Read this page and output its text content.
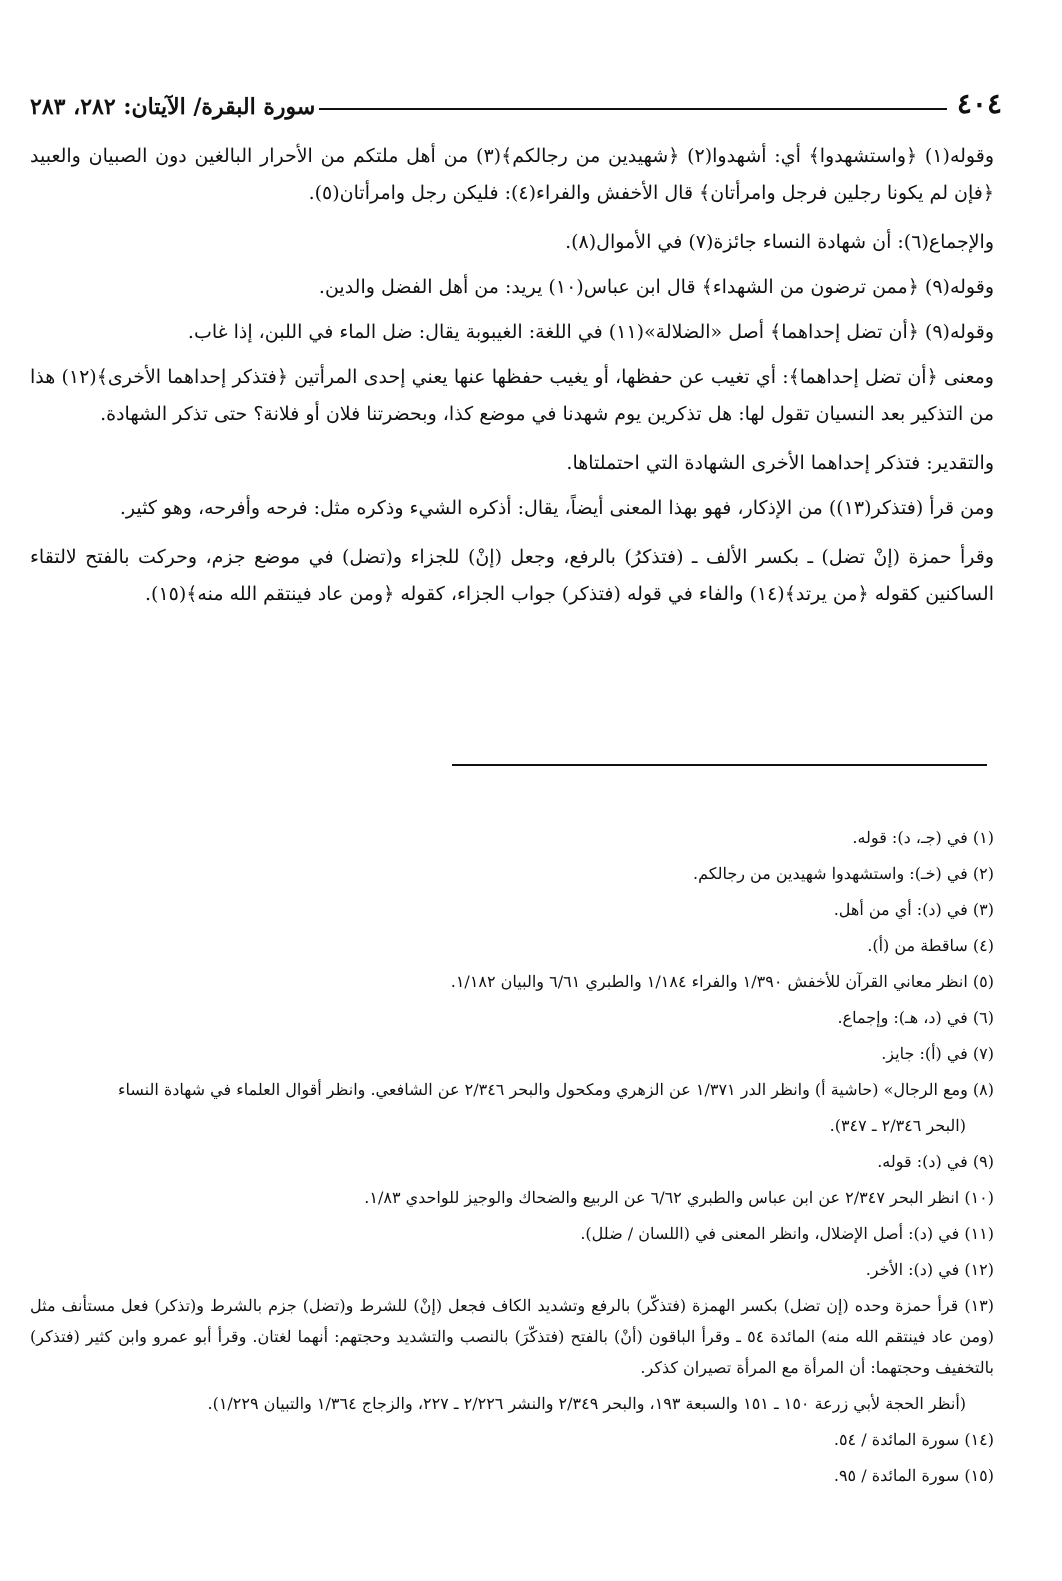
٤٠٤
سورة البقرة/ الآيتان: ٢٨٢، ٢٨٣

وقوله(١) ﴿واستشهدوا﴾ أي: أشهدوا(٢) ﴿شهيدين من رجالكم﴾(٣) من أهل ملتكم من الأحرار البالغين دون الصبيان والعبيد ﴿فإن لم يكونا رجلين فرجل وامرأتان﴾ قال الأخفش والفراء(٤): فليكن رجل وامرأتان(٥).

والإجماع(٦): أن شهادة النساء جائزة(٧) في الأموال(٨).

وقوله(٩) ﴿ممن ترضون من الشهداء﴾ قال ابن عباس(١٠) يريد: من أهل الفضل والدين.

وقوله(٩) ﴿أن تضل إحداهما﴾ أصل «الضلالة»(١١) في اللغة: الغيبوبة يقال: ضل الماء في اللبن، إذا غاب.

ومعنى ﴿أن تضل إحداهما﴾: أي تغيب عن حفظها، أو يغيب حفظها عنها يعني إحدى المرأتين ﴿فتذكر إحداهما الأخرى﴾(١٢) هذا من التذكير بعد النسيان تقول لها: هل تذكرين يوم شهدنا في موضع كذا، وبحضرتنا فلان أو فلانة؟ حتى تذكر الشهادة.

والتقدير: فتذكر إحداهما الأخرى الشهادة التي احتملتاها.

ومن قرأ (فتذكر(١٣)) من الإذكار، فهو بهذا المعنى أيضاً، يقال: أذكره الشيء وذكره مثل: فرحه وأفرحه، وهو كثير.

وقرأ حمزة (إنْ تضل) ـ بكسر الألف ـ (فتذكرُ) بالرفع، وجعل (إنْ) للجزاء و(تضل) في موضع جزم، وحركت بالفتح لالتقاء الساكنين كقوله ﴿من يرتد﴾(١٤) والفاء في قوله (فتذكر) جواب الجزاء، كقوله ﴿ومن عاد فينتقم الله منه﴾(١٥).

(١) في (جـ، د): قوله.

(٢) في (خـ): واستشهدوا شهيدين من رجالكم.

(٣) في (د): أي من أهل.

(٤) ساقطة من (أ).

(٥) انظر معاني القرآن للأخفش ١/٣٩٠ والفراء ١/١٨٤ والطبري ٦/٦١ والبيان ١/١٨٢.

(٦) في (د، هـ): وإجماع.

(٧) في (أ): جايز.

(٨) ومع الرجال» (حاشية أ) وانظر الدر ١/٣٧١ عن الزهري ومكحول والبحر ٢/٣٤٦ عن الشافعي. وانظر أقوال العلماء في شهادة النساء

(البحر ٢/٣٤٦ ـ ٣٤٧).

(٩) في (د): قوله.

(١٠) انظر البحر ٢/٣٤٧ عن ابن عباس والطبري ٦/٦٢ عن الربيع والضحاك والوجيز للواحدي ١/٨٣.

(١١) في (د): أصل الإضلال، وانظر المعنى في (اللسان / ضلل).

(١٢) في (د): الأخر.

(١٣) قرأ حمزة وحده (إن تضل) بكسر الهمزة (فتذكّر) بالرفع وتشديد الكاف فجعل (إنْ) للشرط و(تضل) جزم بالشرط و(تذكر) فعل مستأنف مثل (ومن عاد فينتقم الله منه) المائدة ٥٤ ـ وقرأ الباقون (أنْ) بالفتح (فتذكّرَ) بالنصب والتشديد وحجتهم: أنهما لغتان. وقرأ أبو عمرو وابن كثير (فتذكر) بالتخفيف وحجتهما: أن المرأة مع المرأة تصيران كذكر.

(أنظر الحجة لأبي زرعة ١٥٠ ـ ١٥١ والسبعة ١٩٣، والبحر ٢/٣٤٩ والنشر ٢/٢٢٦ ـ ٢٢٧، والزجاج ١/٣٦٤ والتبيان ١/٢٢٩).

(١٤) سورة المائدة / ٥٤.

(١٥) سورة المائدة / ٩٥.
